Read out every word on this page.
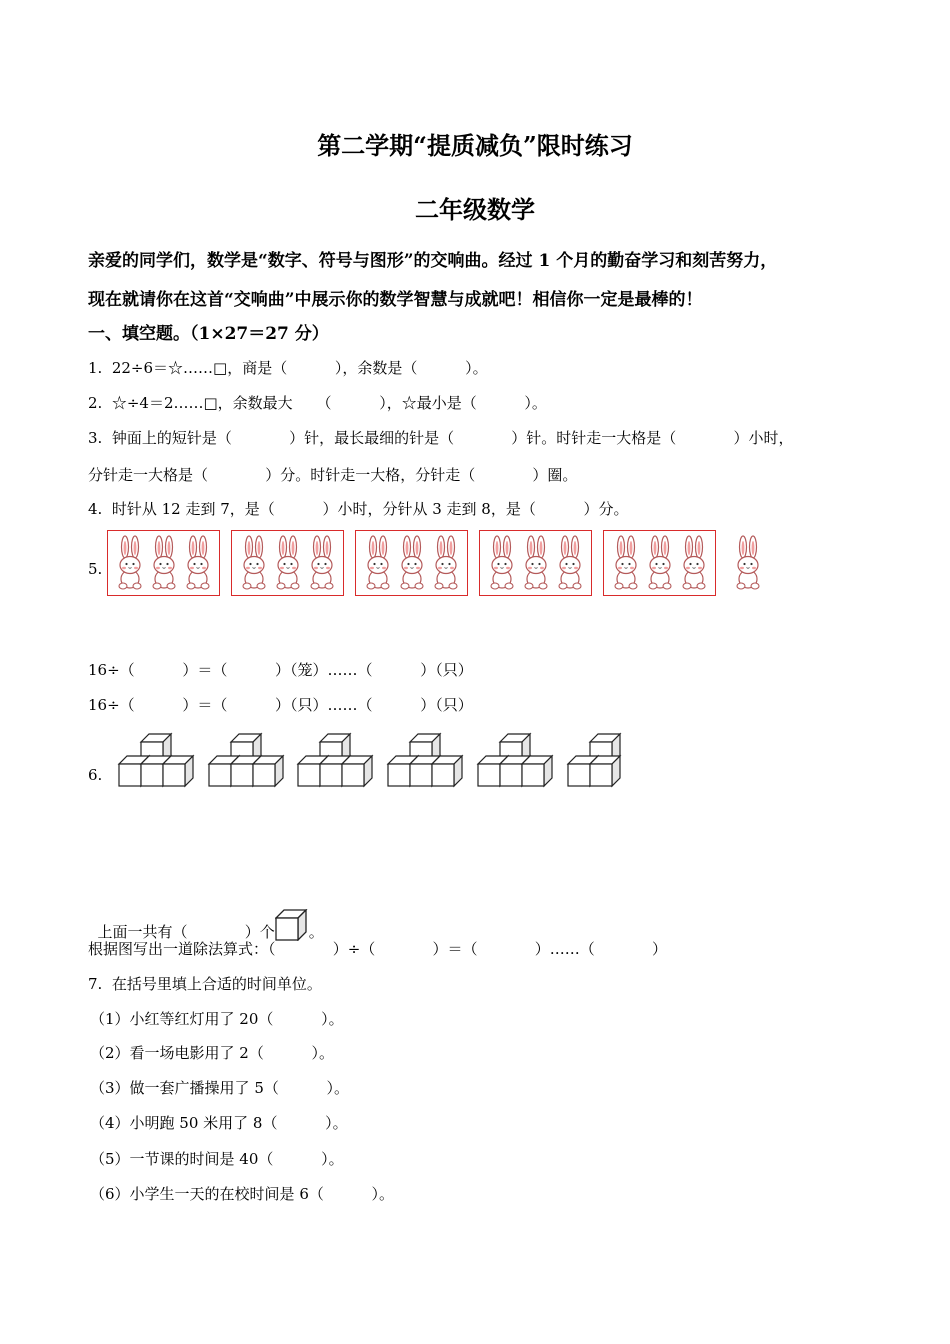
第二学期“提质减负”限时练习
二年级数学
亲爱的同学们，数学是“数字、符号与图形”的交响曲。经过 1 个月的勤奋学习和刻苦努力，
现在就请你在这首“交响曲”中展示你的数学智慧与成就吧！相信你一定是最棒的！
一、填空题。（1×27＝27 分）
1.  22÷6＝☆……□，商是（          ），余数是（          ）。
2.  ☆÷4＝2……□，余数最大     （          ），☆最小是（          ）。
3.  钟面上的短针是（            ）针，最长最细的针是（            ）针。时针走一大格是（            ）小时，
分针走一大格是（            ）分。时针走一大格，分针走（            ）圈。
4.  时针从 12 走到 7，是（          ）小时，分针从 3 走到 8，是（          ）分。
5.
16÷（          ）＝（          ）（笼）……（          ）（只）
16÷（          ）＝（          ）（只）……（          ）（只）
6.

上面一共有（            ）个 。

根据图写出一道除法算式：（            ）÷（            ）＝（            ）……（            ）
7.  在括号里填上合适的时间单位。
（1）小红等红灯用了 20（          ）。
（2）看一场电影用了 2（          ）。
（3）做一套广播操用了 5（          ）。
（4）小明跑 50 米用了 8（          ）。
（5）一节课的时间是 40（          ）。
（6）小学生一天的在校时间是 6（          ）。
